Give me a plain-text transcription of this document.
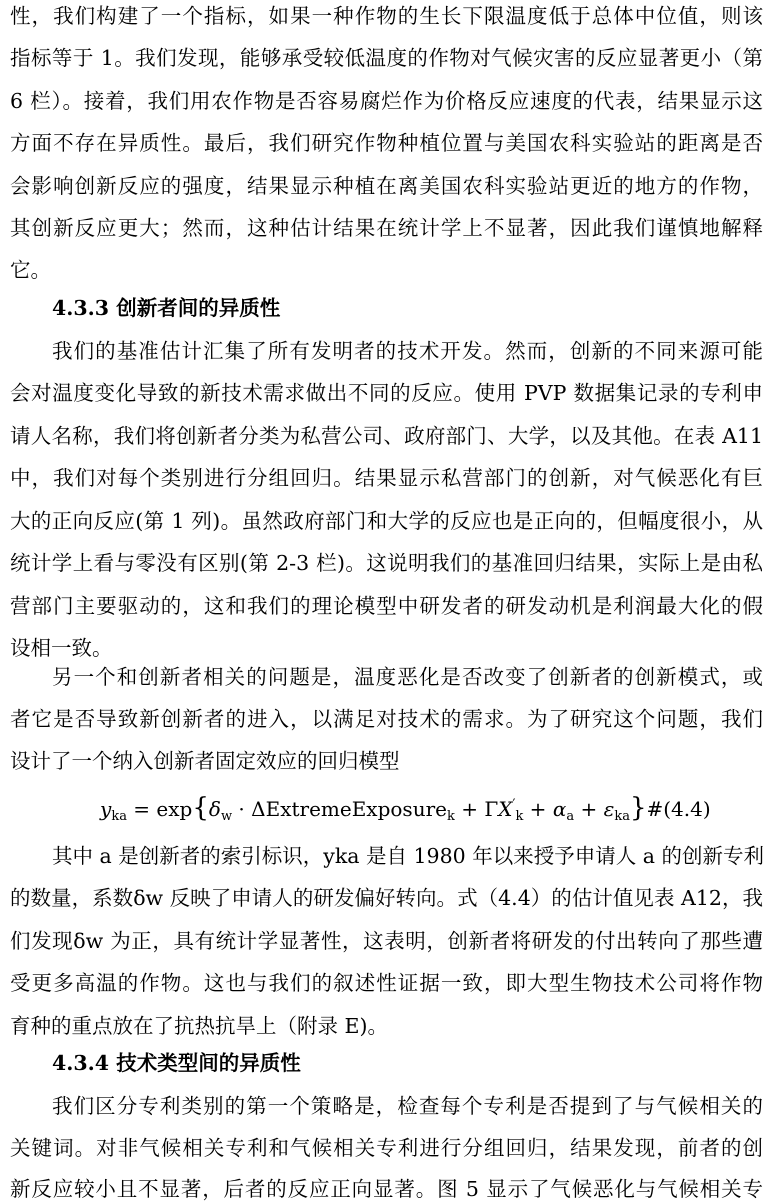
性，我们构建了一个指标，如果一种作物的生长下限温度低于总体中位值，则该
指标等于 1。我们发现，能够承受较低温度的作物对气候灾害的反应显著更小（第
6 栏）。接着，我们用农作物是否容易腐烂作为价格反应速度的代表，结果显示这
方面不存在异质性。最后，我们研究作物种植位置与美国农科实验站的距离是否
会影响创新反应的强度，结果显示种植在离美国农科实验站更近的地方的作物，
其创新反应更大；然而，这种估计结果在统计学上不显著，因此我们谨慎地解释
它。
4.3.3 创新者间的异质性
我们的基准估计汇集了所有发明者的技术开发。然而，创新的不同来源可能
会对温度变化导致的新技术需求做出不同的反应。使用 PVP 数据集记录的专利申
请人名称，我们将创新者分类为私营公司、政府部门、大学，以及其他。在表 A11
中，我们对每个类别进行分组回归。结果显示私营部门的创新，对气候恶化有巨
大的正向反应(第 1 列)。虽然政府部门和大学的反应也是正向的，但幅度很小，从
统计学上看与零没有区别(第 2-3 栏)。这说明我们的基准回归结果，实际上是由私
营部门主要驱动的，这和我们的理论模型中研发者的研发动机是利润最大化的假
设相一致。
另一个和创新者相关的问题是，温度恶化是否改变了创新者的创新模式，或
者它是否导致新创新者的进入，以满足对技术的需求。为了研究这个问题，我们
设计了一个纳入创新者固定效应的回归模型
$y_{ka} = \exp\{\delta_w$ · ΔExtremeExposure$_k$ + $\Gamma X'_k + \alpha_a$ + $\varepsilon_{ka}\}\#(4.4)$
其中 a 是创新者的索引标识，yka 是自 1980 年以来授予申请人 a 的创新专利
的数量，系数δw 反映了申请人的研发偏好转向。式（4.4）的估计值见表 A12，我
们发现δw 为正，具有统计学显著性，这表明，创新者将研发的付出转向了那些遭
受更多高温的作物。这也与我们的叙述性证据一致，即大型生物技术公司将作物
育种的重点放在了抗热抗旱上（附录 E)。
4.3.4 技术类型间的异质性
我们区分专利类别的第一个策略是，检查每个专利是否提到了与气候相关的
关键词。对非气候相关专利和气候相关专利进行分组回归，结果发现，前者的创
新反应较小且不显著，后者的反应正向显著。图 5 显示了气候恶化与气候相关专
